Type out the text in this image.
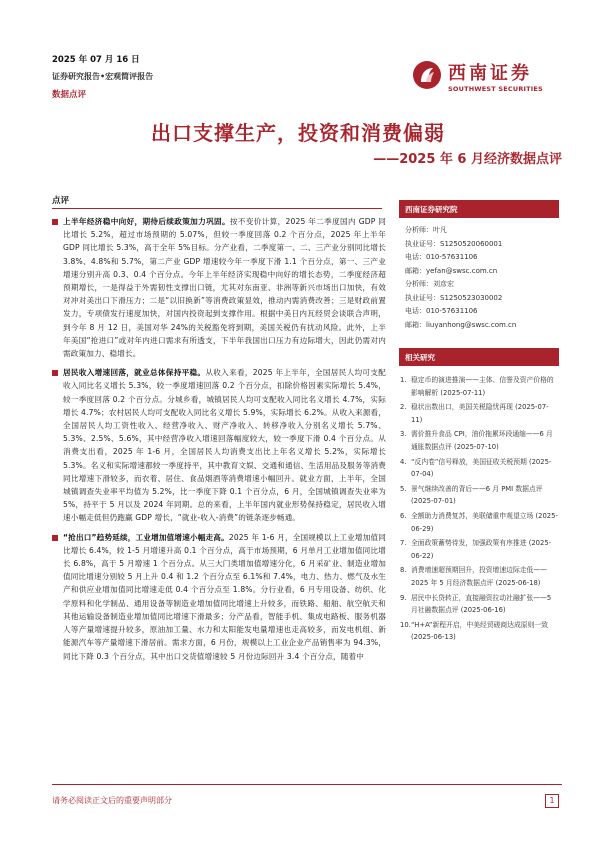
2025 年 07 月 16 日
证券研究报告•宏观简评报告
数据点评
西南证券
SOUTHWEST SECURITIES
出口支撑生产，投资和消费偏弱
——2025 年 6 月经济数据点评
点评
上半年经济稳中向好，期待后续政策加力巩固。按不变价计算，2025 年二季度国内 GDP 同比增长 5.2%，超过市场预期的 5.07%，但较一季度回落 0.2 个百分点，2025 年上半年 GDP 同比增长 5.3%，高于全年 5%目标。分产业看，二季度第一、二、三产业分别同比增长 3.8%、4.8%和 5.7%，第二产业 GDP 增速较今年一季度下滑 1.1 个百分点，第一、三产业增速分别升高 0.3、0.4 个百分点。今年上半年经济实现稳中向好的增长态势，二季度经济超预期增长，一是得益于外需韧性支撑出口链，尤其对东南亚、非洲等新兴市场出口加快，有效对冲对美出口下滑压力；二是“以旧换新”等消费政策显效，推动内需消费改善；三是财政前置发力，专项债发行速度加快，对国内投资起到支撑作用。根据中美日内瓦经贸会谈联合声明，到今年 8 月 12 日，美国对华 24%的关税豁免将到期，美国关税仍有扰动风险。此外，上半年美国“抢进口”或对年内进口需求有所透支，下半年我国出口压力有边际增大，因此仍需对内需政策加力、稳增长。
居民收入增速回落，就业总体保持平稳。从收入来看，2025 年上半年，全国居民人均可支配收入同比名义增长 5.3%，较一季度增速回落 0.2 个百分点，扣除价格因素实际增长 5.4%，较一季度回落 0.2 个百分点。分城乡看，城镇居民人均可支配收入同比名义增长 4.7%，实际增长 4.7%；农村居民人均可支配收入同比名义增长 5.9%，实际增长 6.2%。从收入来源看，全国居民人均工资性收入、经营净收入、财产净收入、转移净收入分别名义增长 5.7%、5.3%、2.5%、5.6%，其中经营净收入增速回落幅度较大，较一季度下滑 0.4 个百分点。从消费支出看，2025 年 1-6 月，全国居民人均消费支出比上年名义增长 5.2%，实际增长 5.3%。名义和实际增速都较一季度持平，其中教育文娱、交通和通信、生活用品及服务等消费同比增速下滑较多，而衣着、居住、食品烟酒等消费增速小幅回升。就业方面，上半年，全国城镇调查失业率平均值为 5.2%，比一季度下降 0.1 个百分点，6 月，全国城镇调查失业率为 5%，持平于 5 月以及 2024 年同期。总的来看，上半年国内就业形势保持稳定，居民收入增速小幅走低但仍跑赢 GDP 增长，“就业-收入-消费”的链条逐步畅通。
“抢出口”趋势延续，工业增加值增速小幅走高。2025 年 1-6 月，全国规模以上工业增加值同比增长 6.4%，较 1-5 月增速升高 0.1 个百分点，高于市场预期，6 月单月工业增加值同比增长 6.8%，高于 5 月增速 1 个百分点。从三大门类增加值增速分化，6 月采矿业、制造业增加值同比增速分别较 5 月上升 0.4 和 1.2 个百分点至 6.1%和 7.4%，电力、热力、燃气及水生产和供应业增加值同比增速走低 0.4 个百分点至 1.8%。分行业看，6 月专用设备、纺织、化学原料和化学制品、通用设备等制造业增加值同比增速上升较多，而铁路、船舶、航空航天和其他运输设备制造业增加值同比增速下滑最多；分产品看，智能手机、集成电路板、服务机器人等产量增速提升较多，原油加工量、水力和太阳能发电量增速也走高较多，而发电机组、新能源汽车等产量增速下滑居前。需求方面，6 月份，规模以上工业企业产品销售率为 94.3%，同比下降 0.3 个百分点，其中出口交货值增速较 5 月份边际回升 3.4 个百分点，随着中
西南证券研究院
分析师：叶凡
执业证号：S1250520060001
电话：010-57631106
邮箱：yefan@swsc.com.cn
分析师：刘彦宏
执业证号：S1250523030002
电话：010-57631106
邮箱：liuyanhong@swsc.com.cn
相关研究
1. 稳定币的演进推演——主体、信誉及资产价格的影响解析 (2025-07-11)
2. 稳状出数出口，美国关税隐忧再现 (2025-07-11)
3. 需价推升食品 CPI，油价拖累环段通缩——6 月通胀数据点评 (2025-07-10)
4. “反内卷”信号释放，美国征收关税预期 (2025-07-04)
5. 景气继续改善的背后——6 月 PMI 数据点评 (2025-07-01)
6. 全额助力消费复苏，美联储重申观望立场 (2025-06-29)
7. 全面政策蓄势待发，加强政策有序推进 (2025-06-22)
8. 消费增速超预期回升，投资增速边际走低——2025 年 5 月经济数据点评 (2025-06-18)
9. 居民中长贷转正，直接融资拉动社融扩张——5 月社融数据点评 (2025-06-16)
10. “H+A”新程开启，中美经贸磋商达成原则一致 (2025-06-13)
请务必阅读正文后的重要声明部分	1
